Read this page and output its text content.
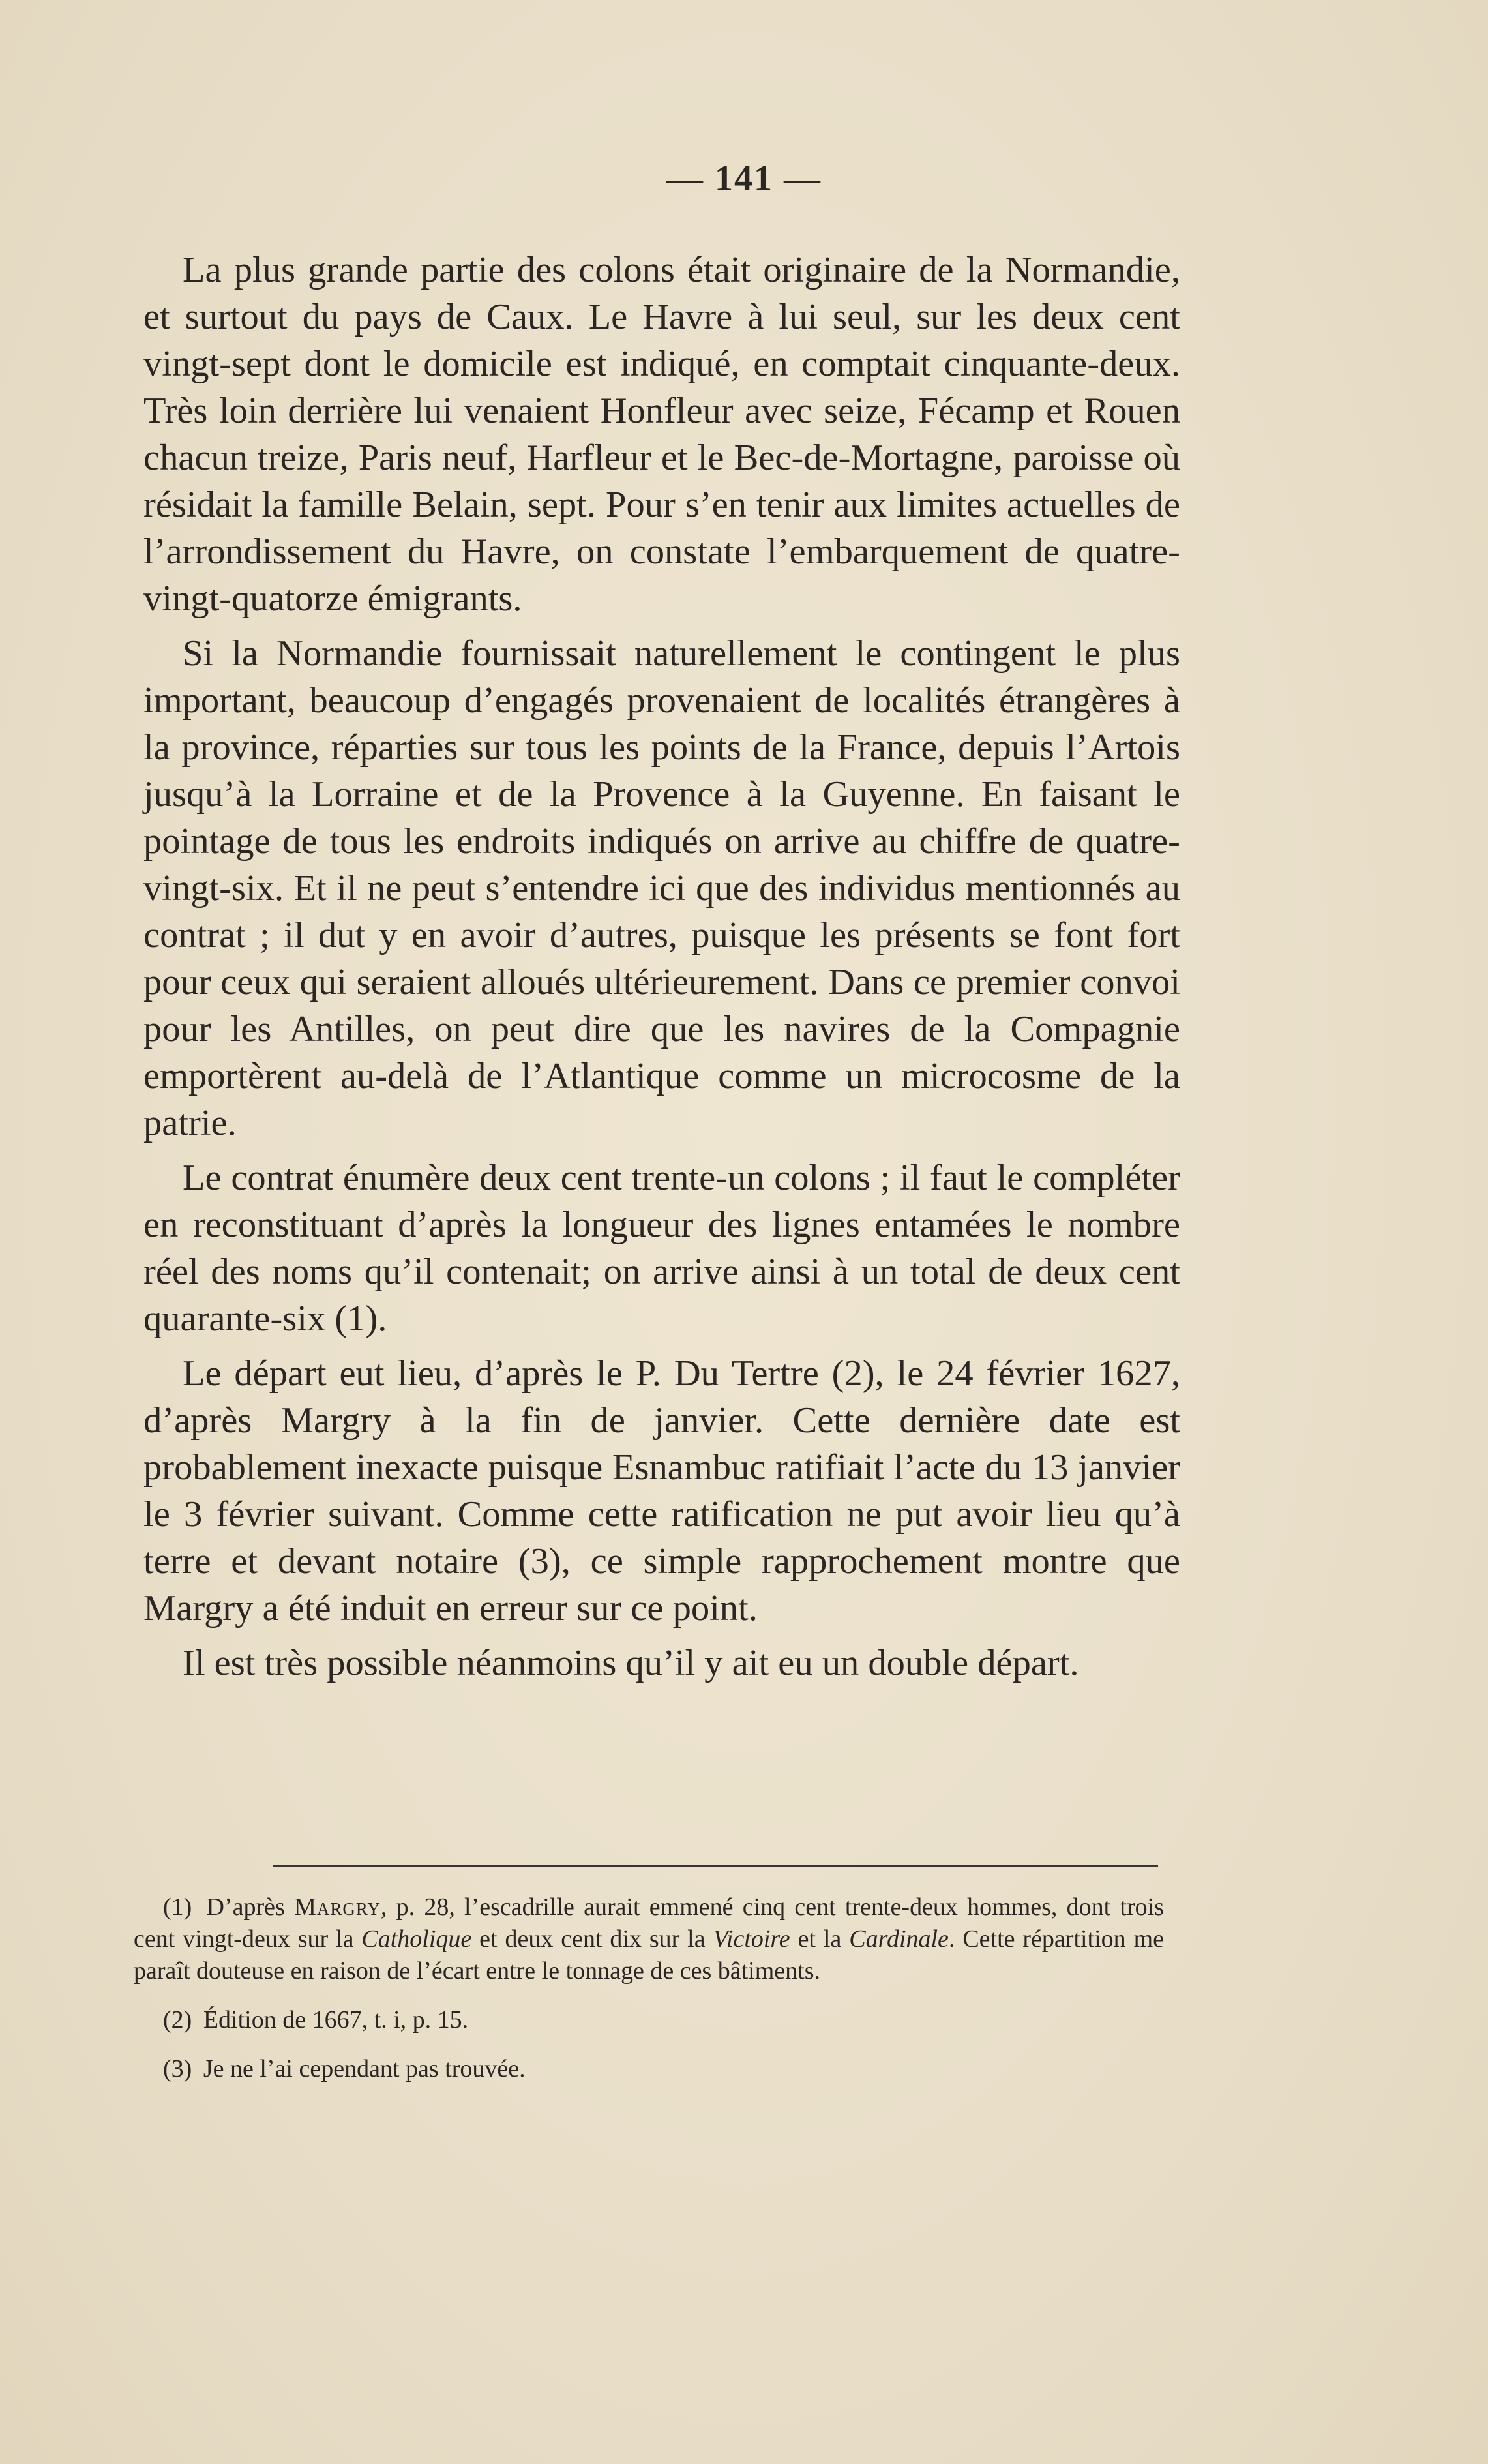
— 141 —

La plus grande partie des colons était originaire de la Normandie, et surtout du pays de Caux. Le Havre à lui seul, sur les deux cent vingt-sept dont le domicile est indiqué, en comptait cinquante-deux. Très loin derrière lui venaient Honfleur avec seize, Fécamp et Rouen chacun treize, Paris neuf, Harfleur et le Bec-de-Mortagne, paroisse où résidait la famille Belain, sept. Pour s’en tenir aux limites actuelles de l’arrondissement du Havre, on constate l’embarquement de quatre-vingt-quatorze émigrants.

Si la Normandie fournissait naturellement le contingent le plus important, beaucoup d’engagés provenaient de localités étrangères à la province, réparties sur tous les points de la France, depuis l’Artois jusqu’à la Lorraine et de la Provence à la Guyenne. En faisant le pointage de tous les endroits indiqués on arrive au chiffre de quatre-vingt-six. Et il ne peut s’entendre ici que des individus mentionnés au contrat ; il dut y en avoir d’autres, puisque les présents se font fort pour ceux qui seraient alloués ultérieurement. Dans ce premier convoi pour les Antilles, on peut dire que les navires de la Compagnie emportèrent au-delà de l’Atlantique comme un microcosme de la patrie.

Le contrat énumère deux cent trente-un colons ; il faut le compléter en reconstituant d’après la longueur des lignes entamées le nombre réel des noms qu’il contenait; on arrive ainsi à un total de deux cent quarante-six (1).

Le départ eut lieu, d’après le P. Du Tertre (2), le 24 février 1627, d’après Margry à la fin de janvier. Cette dernière date est probablement inexacte puisque Esnambuc ratifiait l’acte du 13 janvier le 3 février suivant. Comme cette ratification ne put avoir lieu qu’à terre et devant notaire (3), ce simple rapprochement montre que Margry a été induit en erreur sur ce point.

Il est très possible néanmoins qu’il y ait eu un double départ.

(1) D’après Margry, p. 28, l’escadrille aurait emmené cinq cent trente-deux hommes, dont trois cent vingt-deux sur la Catholique et deux cent dix sur la Victoire et la Cardinale. Cette répartition me paraît douteuse en raison de l’écart entre le tonnage de ces bâtiments.

(2) Édition de 1667, t. i, p. 15.

(3) Je ne l’ai cependant pas trouvée.
